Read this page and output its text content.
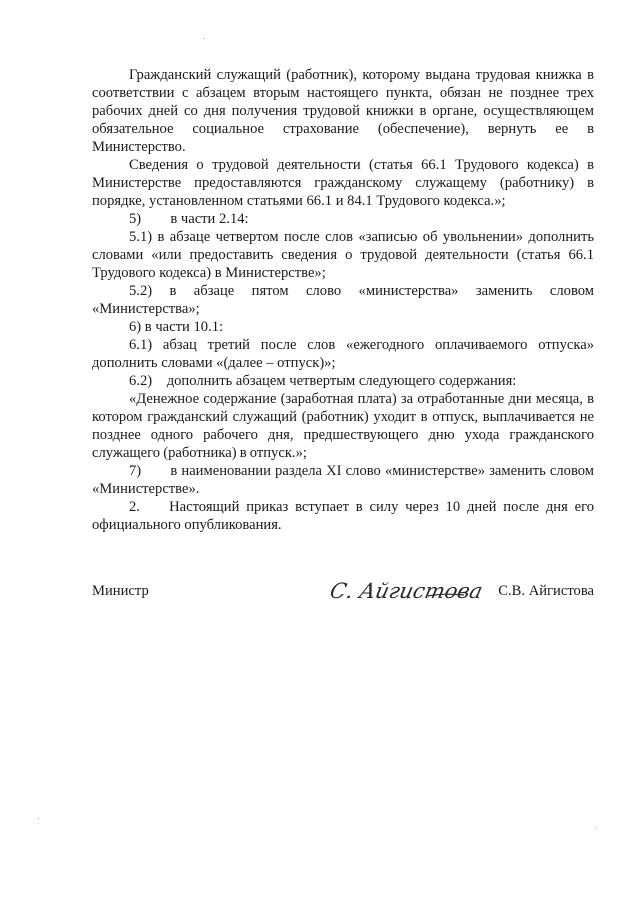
Гражданский служащий (работник), которому выдана трудовая книжка в соответствии с абзацем вторым настоящего пункта, обязан не позднее трех рабочих дней со дня получения трудовой книжки в органе, осуществляющем обязательное социальное страхование (обеспечение), вернуть ее в Министерство.

Сведения о трудовой деятельности (статья 66.1 Трудового кодекса) в Министерстве предоставляются гражданскому служащему (работнику) в порядке, установленном статьями 66.1 и 84.1 Трудового кодекса.»;

5)  в части 2.14:

5.1) в абзаце четвертом после слов «записью об увольнении» дополнить словами «или предоставить сведения о трудовой деятельности (статья 66.1 Трудового кодекса) в Министерстве»;

5.2) в абзаце пятом слово «министерства» заменить словом «Министерства»;

6) в части 10.1:

6.1) абзац третий после слов «ежегодного оплачиваемого отпуска» дополнить словами «(далее – отпуск)»;

6.2) дополнить абзацем четвертым следующего содержания:

«Денежное содержание (заработная плата) за отработанные дни месяца, в котором гражданский служащий (работник) уходит в отпуск, выплачивается не позднее одного рабочего дня, предшествующего дню ухода гражданского служащего (работника) в отпуск.»;

7)  в наименовании раздела XI слово «министерстве» заменить словом «Министерстве».

2.  Настоящий приказ вступает в силу через 10 дней после дня его официального опубликования.

Министр	С. Айгистова С.В. Айгистова
